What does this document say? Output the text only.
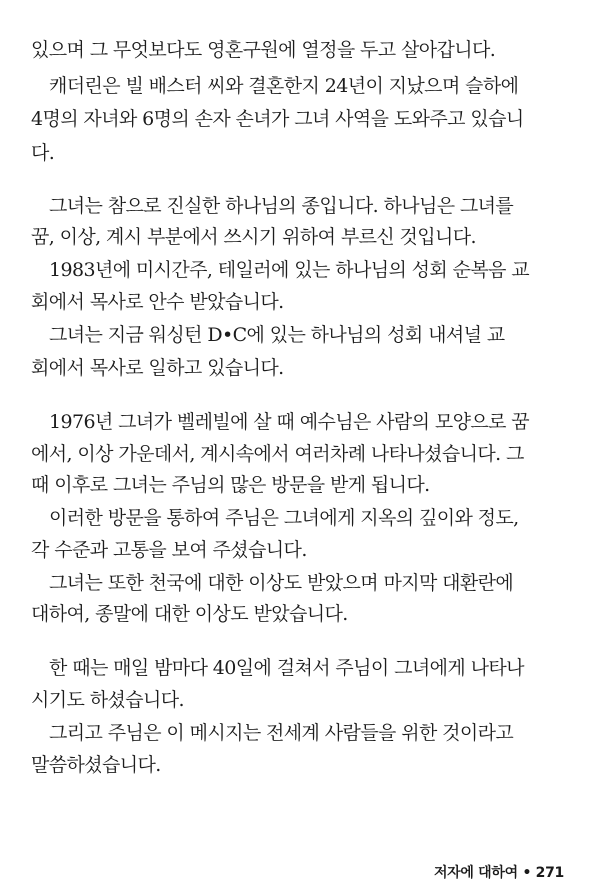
있으며 그 무엇보다도 영혼구원에 열정을 두고 살아갑니다.
캐더린은 빌 배스터 씨와 결혼한지 24년이 지났으며 슬하에
4명의 자녀와 6명의 손자 손녀가 그녀 사역을 도와주고 있습니
다.
그녀는 참으로 진실한 하나님의 종입니다. 하나님은 그녀를
꿈, 이상, 계시 부분에서 쓰시기 위하여 부르신 것입니다.
1983년에 미시간주, 테일러에 있는 하나님의 성회 순복음 교
회에서 목사로 안수 받았습니다.
그녀는 지금 워싱턴 D•C에 있는 하나님의 성회 내셔널 교
회에서 목사로 일하고 있습니다.
1976년 그녀가 벨레빌에 살 때 예수님은 사람의 모양으로 꿈
에서, 이상 가운데서, 계시속에서 여러차례 나타나셨습니다. 그
때 이후로 그녀는 주님의 많은 방문을 받게 됩니다.
이러한 방문을 통하여 주님은 그녀에게 지옥의 깊이와 정도,
각 수준과 고통을 보여 주셨습니다.
그녀는 또한 천국에 대한 이상도 받았으며 마지막 대환란에
대하여, 종말에 대한 이상도 받았습니다.
한 때는 매일 밤마다 40일에 걸쳐서 주님이 그녀에게 나타나
시기도 하셨습니다.
그리고 주님은 이 메시지는 전세계 사람들을 위한 것이라고
말씀하셨습니다.
저자에 대하여 • 271
